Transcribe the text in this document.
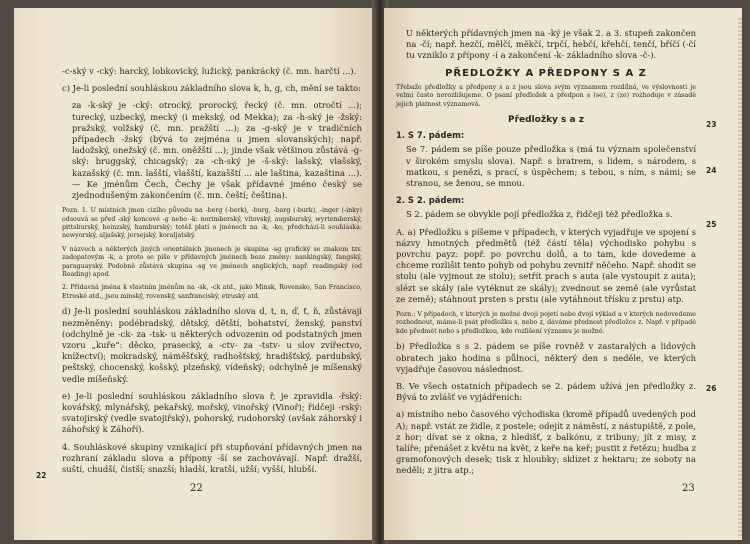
-c-ský v -cký: harcký, lobkovický, lužický, pankrácký (č. mn. harčtí ...).

c) Je-li poslední souhláskou základního slova k, h, g, ch, mění se takto:

za -k-ský je -cký: otrocký, prorocký, řecký (č. mn. otročtí ...); turecký, uzbecký, mecký (i mekský, od Mekka); za -h-ský je -žský: pražský, volžský (č. mn. pražští ...); za -g-ský je v tradičních případech -žský (bývá to zejména u jmen slovanských); např. ladožský, onežský (č. mn. oněžští ...); jinde však většinou zůstává -g-ský: bruggský, chicagský; za -ch-ský je -š-ský: lašský, vlašský, kazašský (č. mn. lašští, vlašští, kazašští ... ale laština, kazaština ...). — Ke jménům Čech, Čechy je však přídavné jméno český se zjednodušeným zakončením (č. mn. čeští; čeština).

Pozn. 1. U místních jmen cizího původu na -berg (-berk), -burg, -barg (-burk), -inger (-ínky) odsouvá se před -ský koncové -g nebo -k: norimberský, vítovský, augsburský, wyrtemberský, pittsburský, heinzský, hamburský; totéž platí o jménech na -k, -ko, předchází-li souhláska: newyorský, aljašský, jersejský, koraljatský.

V názvech a některých jiných orientálních jmenech je skupina -sg grafický se znakem tzv. zadopatovým -k, a proto se píše v přídavných jménech beze změny: nankingský, fangský, paraguayský. Podobně zůstává skupina -sg ve jménech anglických, např. readingský (od Reading) apod.

2. Přídavná jména k vlastním jménům na -sk, -ck atd., jako Minsk, Rovensko, San Francisco, Etruské atd., jsou minský, rovenský, sanfranciský, etruský atd.

d) Je-li poslední souhláskou základního slova d, t, n, ď, ť, ň, zůstávají nezměněny: podébradský, dětský, dětští, bohatství, ženský, panství (odchylně je -ck- za -tsk- u některých odvozenin od podstatných jmen vzoru „kuře“: děcko, prasecký, a -ctv- za -tstv- u slov zvířectvo, knížectví); mokradský, náměšťský, radhošťský, hradišťský, pardubský, peštský, chocenský, košský, plzeňský, vídeňský; odchylně je míšenský vedle míšeňský.

e) Je-li poslední souhláskou základního slova ř, je zpravidla -řský: kovářský, mlynářský, pekařský, mořský, vinořský (Vinoř); řidčeji -rský: svatojirský (vedle svatojiřský), pohorský, rudohorský (avšak záhorský i záhořský k Záhoří).

4. Souhláskové skupiny vznikající při stupňování přídavných jmen na rozhraní základu slova a přípony -ší se zachovávají. Např. dražší, suští, chudší, čistší; snazší; hladší, kratší, užší; vyšší, hlubší.

22
22

U některých přídavných jmen na -ký je však 2. a 3. stupeň zakončen na -čí; např. hezčí, mělčí, měkčí, trpčí, hebčí, křehčí, tenčí, bříčí (-čí tu vzniklo z přípony -í a zakončení -k- základního slova -č-).

PŘEDLOŽKY A PŘEDPONY S A Z

Třebaže předložky a předpony s a z jsou slova svým významem rozdílná, ve výslovnosti je velmi často nerozlišujeme. O psaní předložek a předpon s (se), z (ze) rozhoduje v zásadě jejich platnost významová.

Předložky s a z
1. S 7. pádem:

Se 7. pádem se píše pouze předložka s (má tu význam společenství v širokém smyslu slova). Např. s bratrem, s lidem, s národem, s matkou, s penězi, s prací, s úspěchem; s tebou, s ním, s námi; se stranou, se ženou, se mnou.

2. S 2. pádem:

S 2. pádem se obvykle pojí předložka z, řidčeji též předložka s.

A. a) Předložku s píšeme v případech, v kterých vyjadřuje ve spojení s názvy hmotných předmětů (též částí těla) východisko pohybu s povrchu payz: popř. po povrchu dolů, a to tam, kde dovedeme a chceme rozlišit tento pohyb od pohybu zevnitř něčeho. Např. shodit se stolu (ale vyjmout ze stolu); setřít prach s auta (ale vystoupit z auta); slézt se skály (ale vytéknut ze skály); zvednout se země (ale vyrůstat ze země); stáhnout prsten s prstu (ale vytáhnout třísku z prstu) atp.

Pozn.: V případech, v kterých je možné dvojí pojetí nebo dvojí výklad a v kterých nedovedeme rozhodnout, máme-li psát předložku s, nebo z, dáváme přednost předložce z. Např. v případě kde předmět nebo s předložkou, kde rozlišení významu je možné.

b) Předložka s s 2. pádem se píše rovněž v zastaralých a lidových obratech jako hodina s půlnocí, některý den s neděle, ve kterých vyjadřuje časovou následnost.

B. Ve všech ostatních případech se 2. pádem užívá jen předložky z. Bývá to zvlášť ve vyjádřeních:

a) místního nebo časového východiska (kromě případů uvedených pod A); např. vstát ze židle, z postele; odejít z náměstí, z nástupiště, z pole, z hor; dívat se z okna, z hledišť, z balkónu, z tribuny; jít z misy, z talíře; přenášet z květu na květ, z keře na keř; pustit z řetězu; hudba z gramofonových desek; tisk z hloubky; sklízet z hektaru; ze soboty na neděli; z jitra atp.;

23
24
25
26
23
